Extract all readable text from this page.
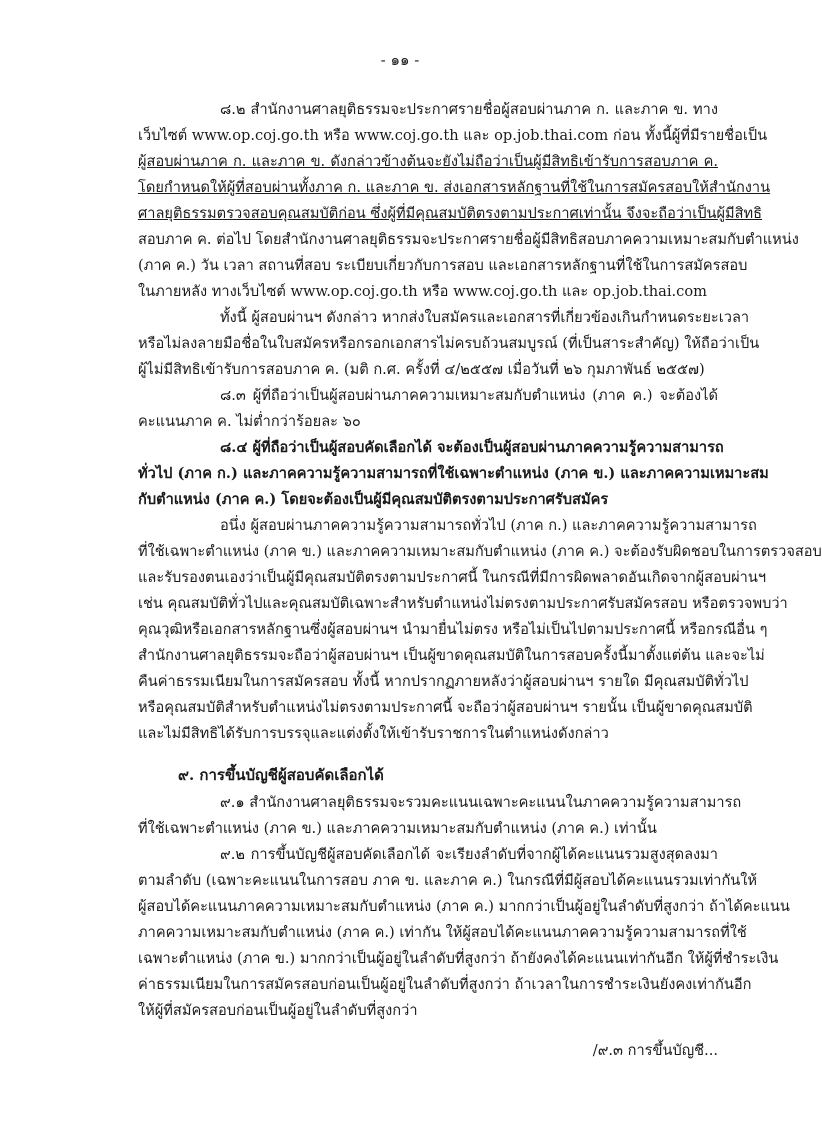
- ๑๑ -
๘.๒ สำนักงานศาลยุติธรรมจะประกาศรายชื่อผู้สอบผ่านภาค ก. และภาค ข. ทาง
เว็บไซต์ www.op.coj.go.th หรือ www.coj.go.th และ op.job.thai.com ก่อน ทั้งนี้ผู้ที่มีรายชื่อเป็น
ผู้สอบผ่านภาค ก. และภาค ข. ดังกล่าวข้างต้นจะยังไม่ถือว่าเป็นผู้มีสิทธิเข้ารับการสอบภาค ค.
โดยกำหนดให้ผู้ที่สอบผ่านทั้งภาค ก. และภาค ข. ส่งเอกสารหลักฐานที่ใช้ในการสมัครสอบให้สำนักงาน
ศาลยุติธรรมตรวจสอบคุณสมบัติก่อน ซึ่งผู้ที่มีคุณสมบัติตรงตามประกาศเท่านั้น จึงจะถือว่าเป็นผู้มีสิทธิ
สอบภาค ค. ต่อไป โดยสำนักงานศาลยุติธรรมจะประกาศรายชื่อผู้มีสิทธิสอบภาคความเหมาะสมกับตำแหน่ง
(ภาค ค.) วัน เวลา สถานที่สอบ ระเบียบเกี่ยวกับการสอบ และเอกสารหลักฐานที่ใช้ในการสมัครสอบ
ในภายหลัง ทางเว็บไซต์ www.op.coj.go.th หรือ www.coj.go.th และ op.job.thai.com
ทั้งนี้ ผู้สอบผ่านฯ ดังกล่าว หากส่งใบสมัครและเอกสารที่เกี่ยวข้องเกินกำหนดระยะเวลา
หรือไม่ลงลายมือชื่อในใบสมัครหรือกรอกเอกสารไม่ครบถ้วนสมบูรณ์ (ที่เป็นสาระสำคัญ) ให้ถือว่าเป็น
ผู้ไม่มีสิทธิเข้ารับการสอบภาค ค. (มติ ก.ศ. ครั้งที่ ๔/๒๕๕๗ เมื่อวันที่ ๒๖ กุมภาพันธ์ ๒๕๕๗)
๘.๓ ผู้ที่ถือว่าเป็นผู้สอบผ่านภาคความเหมาะสมกับตำแหน่ง (ภาค ค.) จะต้องได้
คะแนนภาค ค. ไม่ต่ำกว่าร้อยละ ๖๐
๘.๔ ผู้ที่ถือว่าเป็นผู้สอบคัดเลือกได้ จะต้องเป็นผู้สอบผ่านภาคความรู้ความสามารถ
ทั่วไป (ภาค ก.) และภาคความรู้ความสามารถที่ใช้เฉพาะตำแหน่ง (ภาค ข.) และภาคความเหมาะสม
กับตำแหน่ง (ภาค ค.) โดยจะต้องเป็นผู้มีคุณสมบัติตรงตามประกาศรับสมัคร
อนึ่ง ผู้สอบผ่านภาคความรู้ความสามารถทั่วไป (ภาค ก.) และภาคความรู้ความสามารถ
ที่ใช้เฉพาะตำแหน่ง (ภาค ข.) และภาคความเหมาะสมกับตำแหน่ง (ภาค ค.) จะต้องรับผิดชอบในการตรวจสอบ
และรับรองตนเองว่าเป็นผู้มีคุณสมบัติตรงตามประกาศนี้ ในกรณีที่มีการผิดพลาดอันเกิดจากผู้สอบผ่านฯ
เช่น คุณสมบัติทั่วไปและคุณสมบัติเฉพาะสำหรับตำแหน่งไม่ตรงตามประกาศรับสมัครสอบ หรือตรวจพบว่า
คุณวุฒิหรือเอกสารหลักฐานซึ่งผู้สอบผ่านฯ นำมายื่นไม่ตรง หรือไม่เป็นไปตามประกาศนี้ หรือกรณีอื่น ๆ
สำนักงานศาลยุติธรรมจะถือว่าผู้สอบผ่านฯ เป็นผู้ขาดคุณสมบัติในการสอบครั้งนี้มาตั้งแต่ต้น และจะไม่
คืนค่าธรรมเนียมในการสมัครสอบ ทั้งนี้ หากปรากฏภายหลังว่าผู้สอบผ่านฯ รายใด มีคุณสมบัติทั่วไป
หรือคุณสมบัติสำหรับตำแหน่งไม่ตรงตามประกาศนี้ จะถือว่าผู้สอบผ่านฯ รายนั้น เป็นผู้ขาดคุณสมบัติ
และไม่มีสิทธิได้รับการบรรจุและแต่งตั้งให้เข้ารับราชการในตำแหน่งดังกล่าว
๙. การขึ้นบัญชีผู้สอบคัดเลือกได้
๙.๑ สำนักงานศาลยุติธรรมจะรวมคะแนนเฉพาะคะแนนในภาคความรู้ความสามารถ
ที่ใช้เฉพาะตำแหน่ง (ภาค ข.) และภาคความเหมาะสมกับตำแหน่ง (ภาค ค.) เท่านั้น
๙.๒ การขึ้นบัญชีผู้สอบคัดเลือกได้ จะเรียงลำดับที่จากผู้ได้คะแนนรวมสูงสุดลงมา
ตามลำดับ (เฉพาะคะแนนในการสอบ ภาค ข. และภาค ค.) ในกรณีที่มีผู้สอบได้คะแนนรวมเท่ากันให้
ผู้สอบได้คะแนนภาคความเหมาะสมกับตำแหน่ง (ภาค ค.) มากกว่าเป็นผู้อยู่ในลำดับที่สูงกว่า ถ้าได้คะแนน
ภาคความเหมาะสมกับตำแหน่ง (ภาค ค.) เท่ากัน ให้ผู้สอบได้คะแนนภาคความรู้ความสามารถที่ใช้
เฉพาะตำแหน่ง (ภาค ข.) มากกว่าเป็นผู้อยู่ในลำดับที่สูงกว่า ถ้ายังคงได้คะแนนเท่ากันอีก ให้ผู้ที่ชำระเงิน
ค่าธรรมเนียมในการสมัครสอบก่อนเป็นผู้อยู่ในลำดับที่สูงกว่า ถ้าเวลาในการชำระเงินยังคงเท่ากันอีก
ให้ผู้ที่สมัครสอบก่อนเป็นผู้อยู่ในลำดับที่สูงกว่า
/๙.๓ การขึ้นบัญชี...
